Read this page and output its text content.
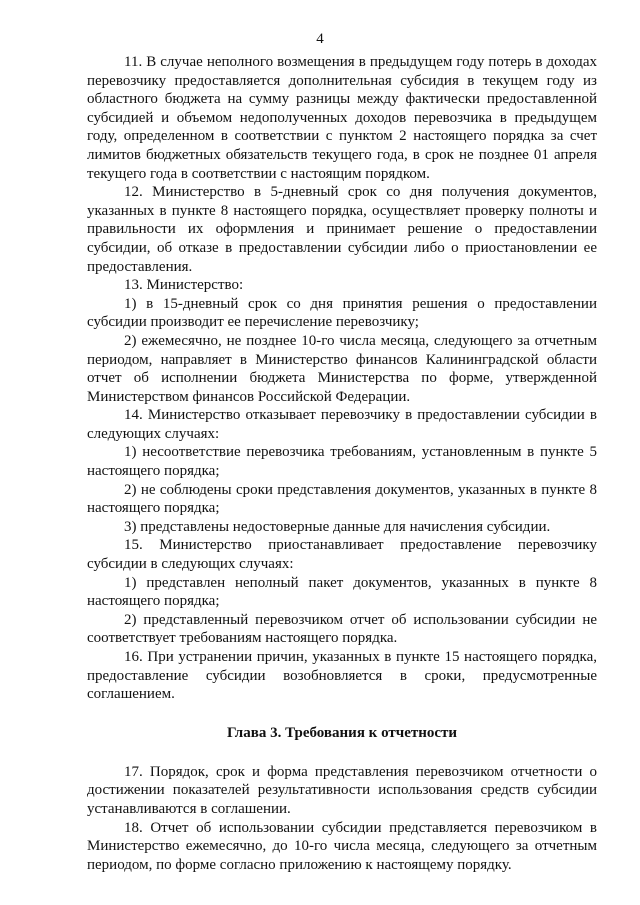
4

11. В случае неполного возмещения в предыдущем году потерь в доходах перевозчику предоставляется дополнительная субсидия в текущем году из областного бюджета на сумму разницы между фактически предоставленной субсидией и объемом недополученных доходов перевозчика в предыдущем году, определенном в соответствии с пунктом 2 настоящего порядка за счет лимитов бюджетных обязательств текущего года, в срок не позднее 01 апреля текущего года в соответствии с настоящим порядком.

12. Министерство в 5-дневный срок со дня получения документов, указанных в пункте 8 настоящего порядка, осуществляет проверку полноты и правильности их оформления и принимает решение о предоставлении субсидии, об отказе в предоставлении субсидии либо о приостановлении ее предоставления.

13. Министерство:

1) в 15-дневный срок со дня принятия решения о предоставлении субсидии производит ее перечисление перевозчику;

2) ежемесячно, не позднее 10-го числа месяца, следующего за отчетным периодом, направляет в Министерство финансов Калининградской области отчет об исполнении бюджета Министерства по форме, утвержденной Министерством финансов Российской Федерации.

14. Министерство отказывает перевозчику в предоставлении субсидии в следующих случаях:

1) несоответствие перевозчика требованиям, установленным в пункте 5 настоящего порядка;

2) не соблюдены сроки представления документов, указанных в пункте 8 настоящего порядка;

3) представлены недостоверные данные для начисления субсидии.

15. Министерство приостанавливает предоставление перевозчику субсидии в следующих случаях:

1) представлен неполный пакет документов, указанных в пункте 8 настоящего порядка;

2) представленный перевозчиком отчет об использовании субсидии не соответствует требованиям настоящего порядка.

16. При устранении причин, указанных в пункте 15 настоящего порядка, предоставление субсидии возобновляется в сроки, предусмотренные соглашением.

Глава 3. Требования к отчетности

17. Порядок, срок и форма представления перевозчиком отчетности о достижении показателей результативности использования средств субсидии устанавливаются в соглашении.

18. Отчет об использовании субсидии представляется перевозчиком в Министерство ежемесячно, до 10-го числа месяца, следующего за отчетным периодом, по форме согласно приложению к настоящему порядку.
